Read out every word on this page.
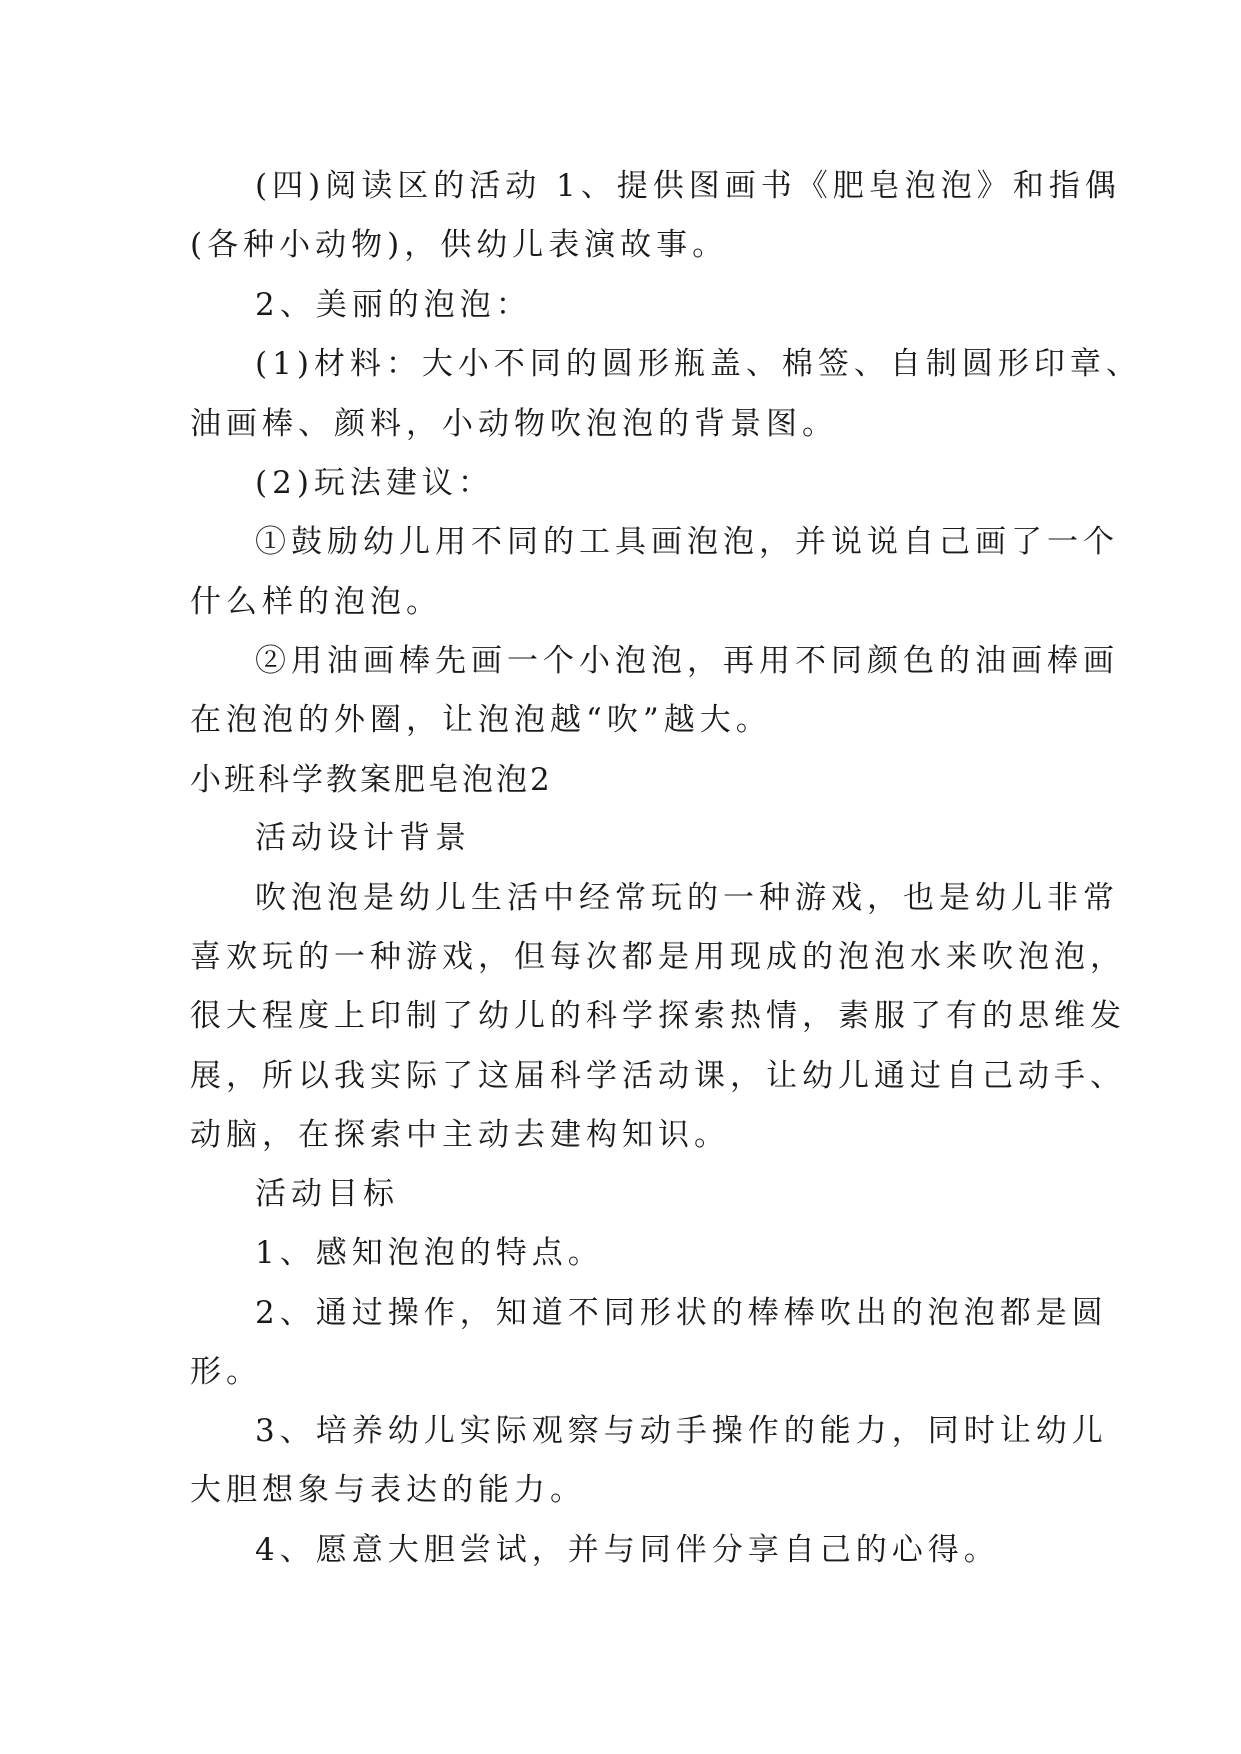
(四)阅读区的活动 1、提供图画书《肥皂泡泡》和指偶
(各种小动物)，供幼儿表演故事。
2、美丽的泡泡：
(1)材料：大小不同的圆形瓶盖、棉签、自制圆形印章、
油画棒、颜料，小动物吹泡泡的背景图。
(2)玩法建议：
①鼓励幼儿用不同的工具画泡泡，并说说自己画了一个
什么样的泡泡。
②用油画棒先画一个小泡泡，再用不同颜色的油画棒画
在泡泡的外圈，让泡泡越“吹”越大。
小班科学教案肥皂泡泡2
活动设计背景
吹泡泡是幼儿生活中经常玩的一种游戏，也是幼儿非常
喜欢玩的一种游戏，但每次都是用现成的泡泡水来吹泡泡，
很大程度上印制了幼儿的科学探索热情，素服了有的思维发
展，所以我实际了这届科学活动课，让幼儿通过自己动手、
动脑，在探索中主动去建构知识。
活动目标
1、感知泡泡的特点。
2、通过操作，知道不同形状的棒棒吹出的泡泡都是圆
形。
3、培养幼儿实际观察与动手操作的能力，同时让幼儿
大胆想象与表达的能力。
4、愿意大胆尝试，并与同伴分享自己的心得。
